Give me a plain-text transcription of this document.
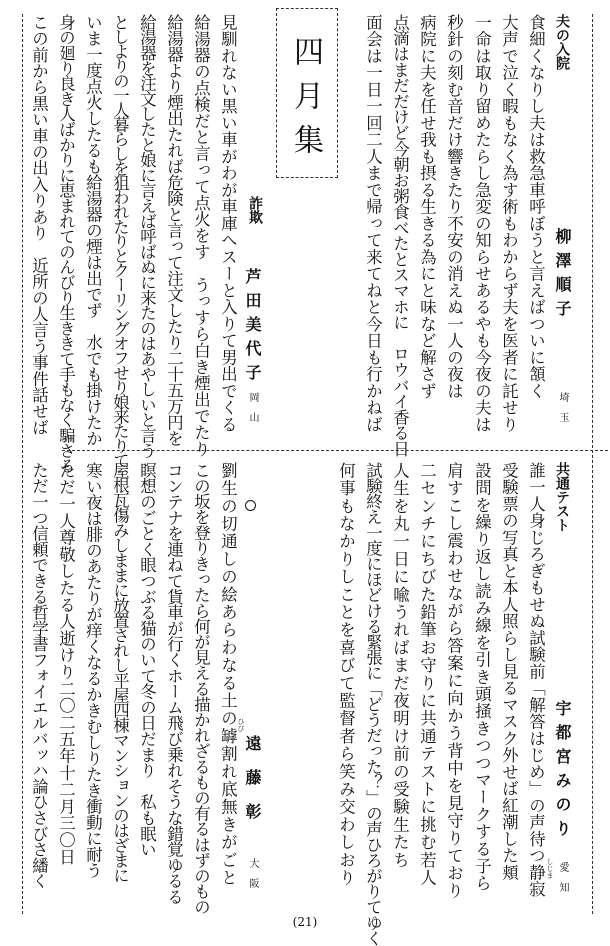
四月集	夫の入院
柳澤順子
埼玉
食細くなりし夫は救急車呼ぼうと言えばついに頷く
大声で泣く暇もなく為す術もわからず夫を医者に託せり
一命は取り留めたらし急変の知らせあるやも今夜の夫は
秒針の刻む音だけ響きたり不安の消えぬ一人の夜は
病院に夫を任せ我も摂る生きる為にと味など解さず
点滴はまだだけど今朝お粥食べたとスマホに　ロウバイ香る日
面会は一日一回二人まで帰って来てねと今日も行かねば
詐欺
芦田美代子
岡山
見馴れない黒い車がわが車庫へスーと入りて男出でくる
給湯器の点検だと言って点火をす　うっすら白き煙出でたり
給湯器より煙出たれば危険と言って注文したり二十五万円を
給湯器を注文したと娘に言えば呼ばぬに来たのはあやしいと言う
としよりの一人暮らしを狙われたりとクーリングオフせり娘来たりて
いま一度点火したるも給湯器の煙は出でず　水でも掛けたか
身の廻り良き人ばかりに恵まれてのんびり生ききて手もなく騙さる
この前から黒い車の出入りあり　近所の人言う事件話せば
共通テスト
宇都宮みのり
愛知
誰一人身じろぎもせぬ試験前「解答はじめ」の声待つ静寂 しじま
受験票の写真と本人照らし見るマスク外せば紅潮した頬
設問を繰り返し読み線を引き頭掻きつつマークする子ら
肩すこし震わせながら答案に向かう背中を見守りており
二センチにちびた鉛筆お守りに共通テストに挑む若人
人生を丸一日に喩うればまだ夜明け前の受験生たち
試験終え一度にほどける緊張に「どうだった？」の声ひろがりてゆく
何事もなかりしことを喜びて監督者ら笑み交わしおり
遠藤彰
大阪
劉生の切通しの絵あらわなる土の罅割れ底無きがごと ひび
この坂を登りきったら何が見える描かれざるもの有るはずのもの
コンテナを連ねて貨車が行くホーム飛び乗れそうな錯覚ゆるる
瞑想のごとく眼つぶる猫のいて冬の日だまり　私も眠い
屋根瓦傷みしままに放置されし平屋四棟マンションのはざまに
寒い夜は腓のあたりが痒くなるかきむしりたき衝動に耐う
ただ一人尊敬したる人逝けり二〇二五年十二月三〇日
ただ一つ信頼できる哲学書フォイエルバッハ論ひさびさ繙く
(21)
